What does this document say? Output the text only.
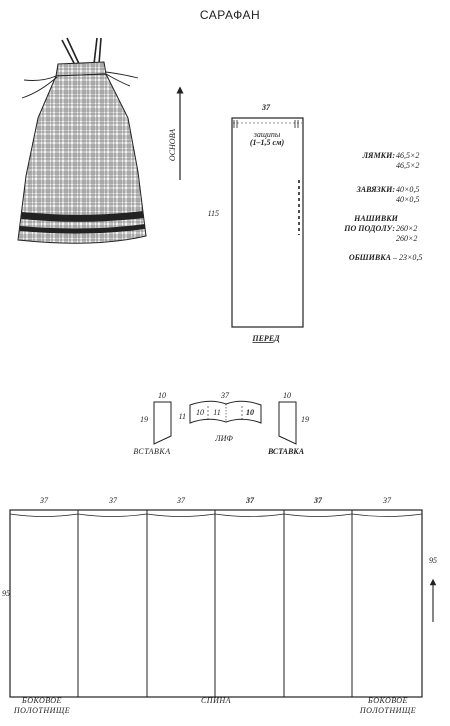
САРАФАН
ОСНОВА
37
защипы
(1–1,5 см)
115
ПЕРЕД
ЛЯМКИ: 46,5×2
46,5×2
ЗАВЯЗКИ: 40×0,5
40×0,5
НАШИВКИ
ПО ПОДОЛУ: 260×2
260×2
ОБШИВКА – 23×0,5
10
19
ВСТАВКА
37
11 10 11	10
ЛИФ
10
19
ВСТАВКА
37	37	37	37	37	37
95
95
БОКОВОЕ
ПОЛОТНИЩЕ
СПИНА	БОКОВОЕ
ПОЛОТНИЩЕ
